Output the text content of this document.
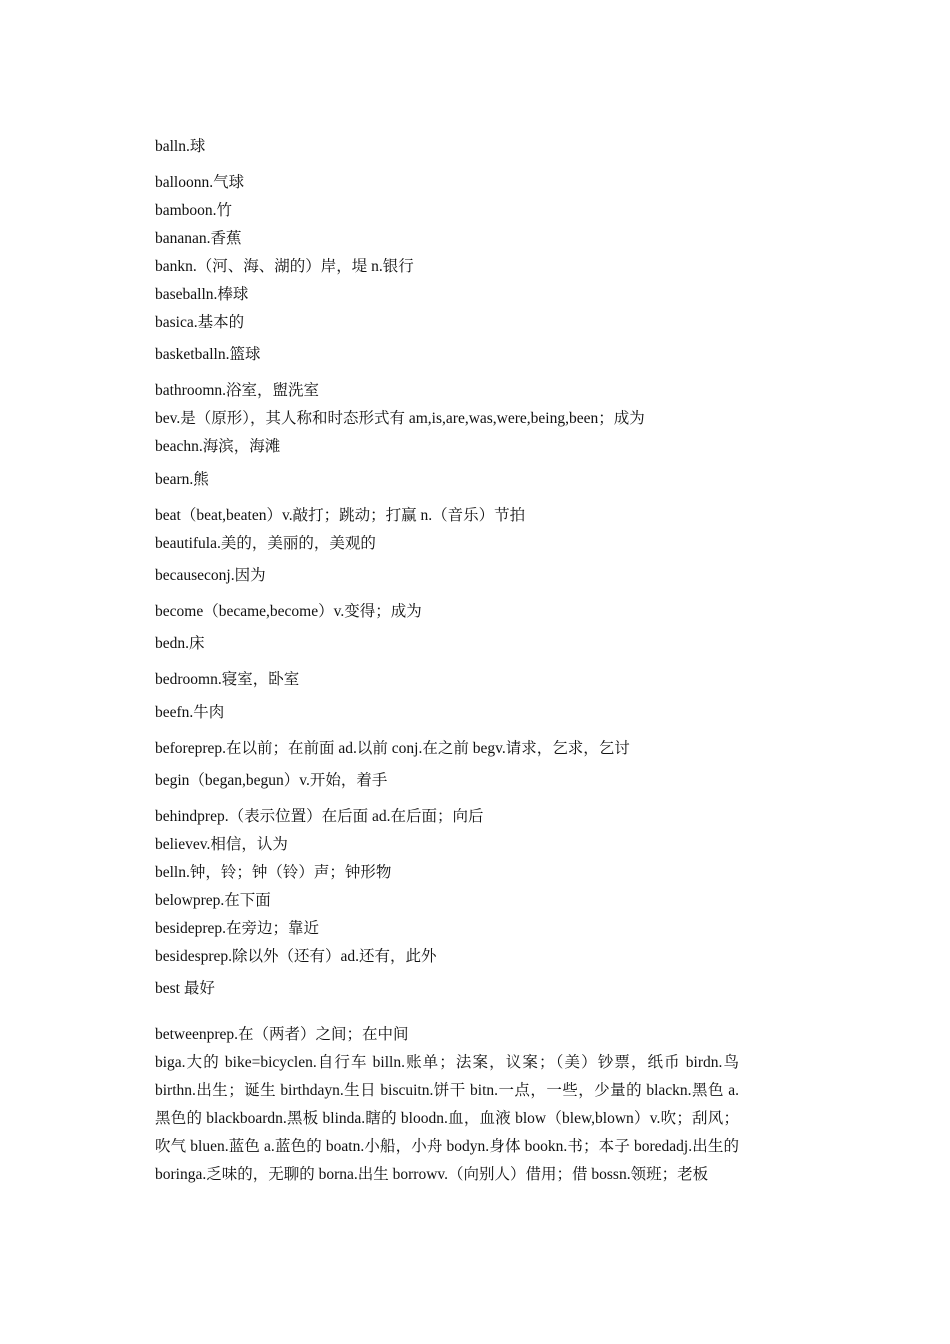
balln.球
balloonn.气球
bamboon.竹
bananan.香蕉
bankn.（河、海、湖的）岸，堤 n.银行
baseballn.棒球
basica.基本的
basketballn.篮球
bathroomn.浴室，盥洗室
bev.是（原形），其人称和时态形式有 am,is,are,was,were,being,been；成为
beachn.海滨，海滩
bearn.熊
beat（beat,beaten）v.敲打；跳动；打赢 n.（音乐）节拍
beautifula.美的，美丽的，美观的
becauseconj.因为
become（became,become）v.变得；成为
bedn.床
bedroomn.寝室，卧室
beefn.牛肉
beforeprep.在以前；在前面 ad.以前 conj.在之前 begv.请求，乞求，乞讨
begin（began,begun）v.开始，着手
behindprep.（表示位置）在后面 ad.在后面；向后
believev.相信，认为
belln.钟，铃；钟（铃）声；钟形物
belowprep.在下面
besideprep.在旁边；靠近
besidesprep.除以外（还有）ad.还有，此外
best 最好
betweenprep.在（两者）之间；在中间
biga.大的 bike=bicyclen.自行车 billn.账单；法案，议案；（美）钞票，纸币 birdn.鸟 birthn.出生；诞生 birthdayn.生日 biscuitn.饼干 bitn.一点，一些，少量的 blackn.黑色 a.黑色的 blackboardn.黑板 blinda.瞎的 bloodn.血，血液 blow（blew,blown）v.吹；刮风；吹气 bluen.蓝色 a.蓝色的 boatn.小船，小舟 bodyn.身体 bookn.书；本子 boredadj.出生的 boringa.乏味的，无聊的 borna.出生 borrowv.（向别人）借用；借 bossn.领班；老板
